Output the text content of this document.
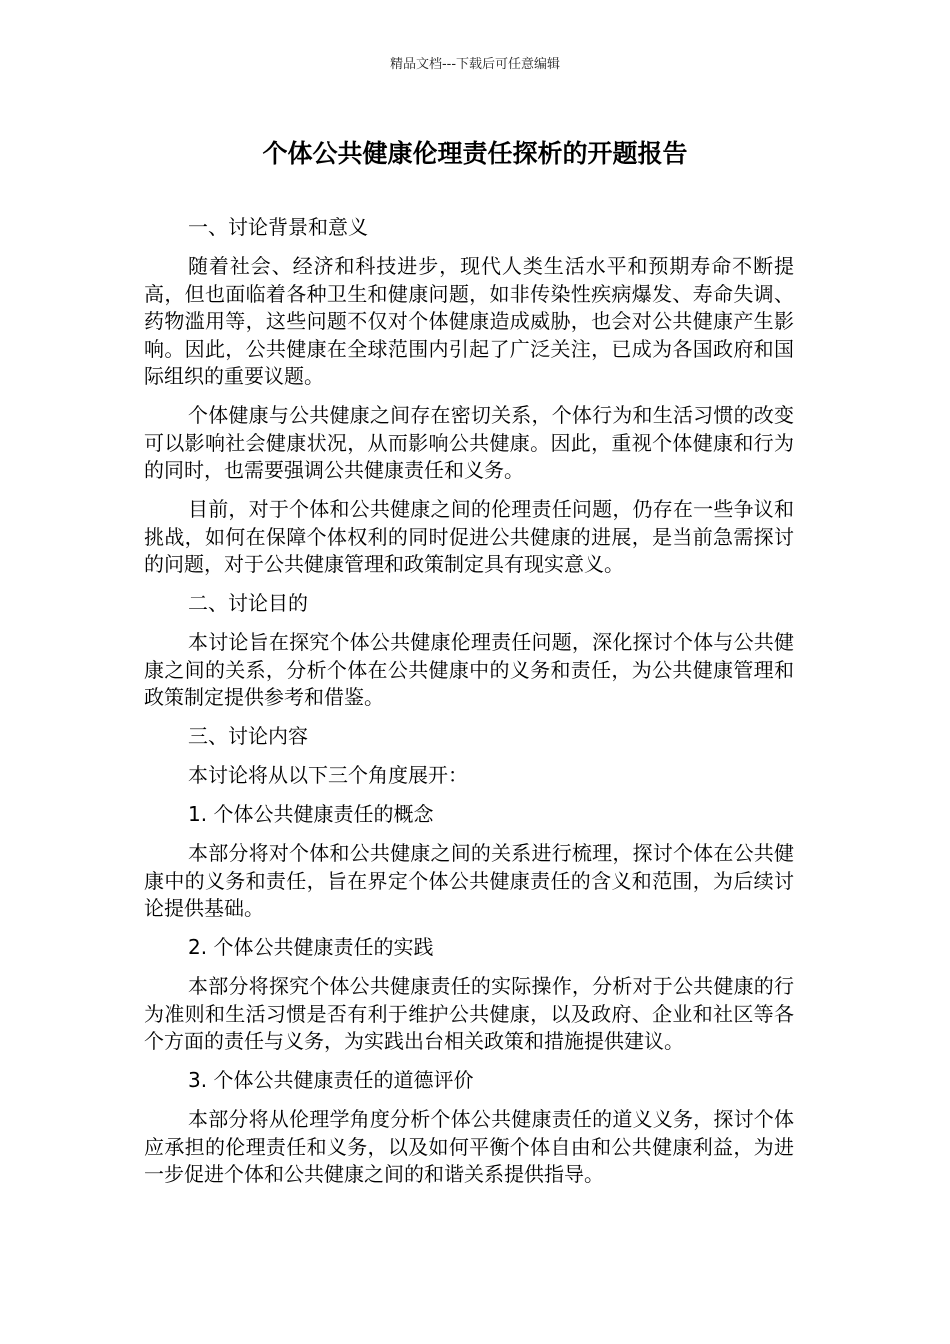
精品文档---下载后可任意编辑
个体公共健康伦理责任探析的开题报告

一、讨论背景和意义

随着社会、经济和科技进步，现代人类生活水平和预期寿命不断提高，但也面临着各种卫生和健康问题，如非传染性疾病爆发、寿命失调、药物滥用等，这些问题不仅对个体健康造成威胁，也会对公共健康产生影响。因此，公共健康在全球范围内引起了广泛关注，已成为各国政府和国际组织的重要议题。

个体健康与公共健康之间存在密切关系，个体行为和生活习惯的改变可以影响社会健康状况，从而影响公共健康。因此，重视个体健康和行为的同时，也需要强调公共健康责任和义务。

目前，对于个体和公共健康之间的伦理责任问题，仍存在一些争议和挑战，如何在保障个体权利的同时促进公共健康的进展，是当前急需探讨的问题，对于公共健康管理和政策制定具有现实意义。

二、讨论目的

本讨论旨在探究个体公共健康伦理责任问题，深化探讨个体与公共健康之间的关系，分析个体在公共健康中的义务和责任，为公共健康管理和政策制定提供参考和借鉴。

三、讨论内容

本讨论将从以下三个角度展开：

1. 个体公共健康责任的概念

本部分将对个体和公共健康之间的关系进行梳理，探讨个体在公共健康中的义务和责任，旨在界定个体公共健康责任的含义和范围，为后续讨论提供基础。

2. 个体公共健康责任的实践

本部分将探究个体公共健康责任的实际操作，分析对于公共健康的行为准则和生活习惯是否有利于维护公共健康，以及政府、企业和社区等各个方面的责任与义务，为实践出台相关政策和措施提供建议。

3. 个体公共健康责任的道德评价

本部分将从伦理学角度分析个体公共健康责任的道义义务，探讨个体应承担的伦理责任和义务，以及如何平衡个体自由和公共健康利益，为进一步促进个体和公共健康之间的和谐关系提供指导。
